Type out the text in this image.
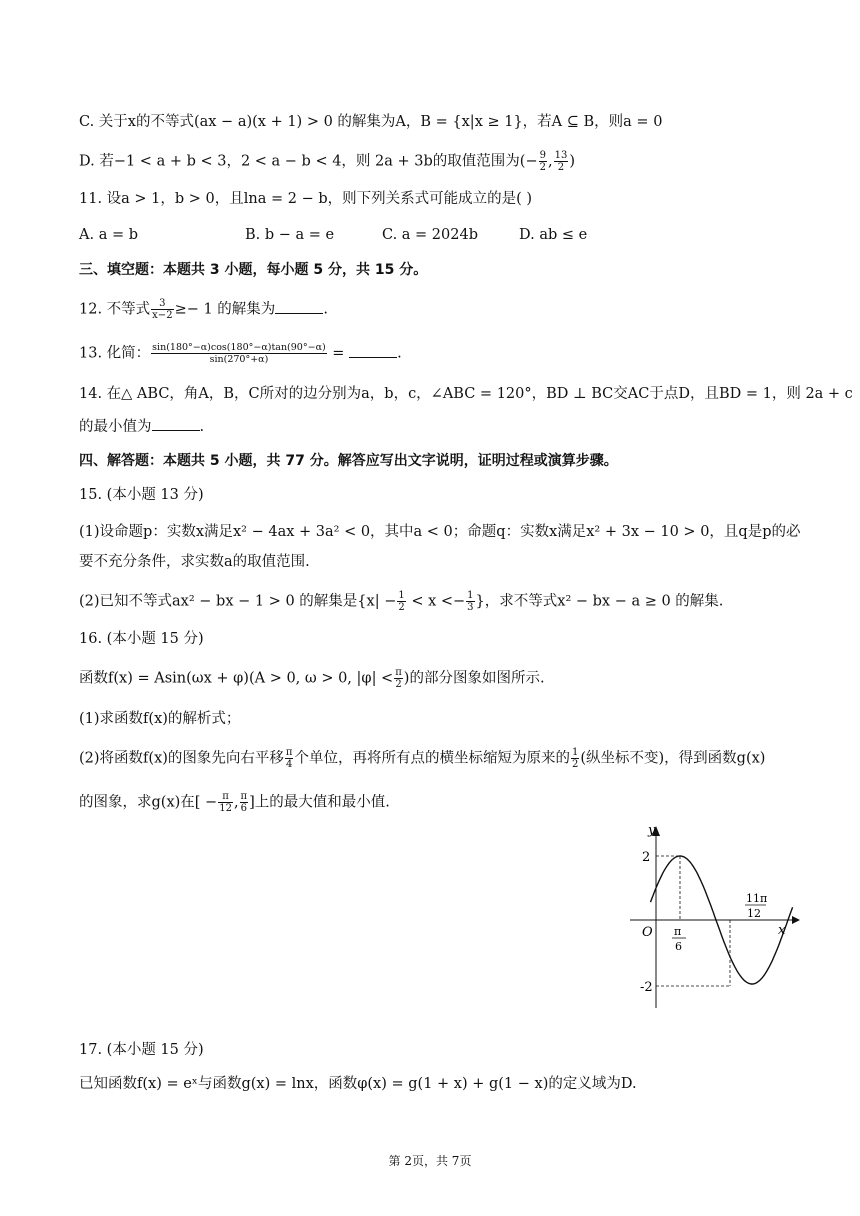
C. 关于x的不等式(ax − a)(x + 1) > 0 的解集为A，B = {x|x ≥ 1}，若A ⊆ B，则a = 0
D. 若−1 < a + b < 3，2 < a − b < 4，则 2a + 3b的取值范围为(− $\frac{9}{2}$ , $\frac{13}{2}$ )
11. 设a > 1，b > 0，且lna = 2 − b，则下列关系式可能成立的是( )
A. a = b	B. b − a = e	C. a = 2024b	D. ab ≤ e
三、填空题：本题共 3 小题，每小题 5 分，共 15 分。
12. 不等式 $\frac{3}{x-2} \ge- 1$ 的解集为	.
13. 化简： $\frac{\sin(180^\circ-\alpha)\cos(180^\circ-\alpha)\tan(90^\circ-\alpha)}{\sin(270^\circ+\alpha)}$ =	.
14. 在△ ABC，角A，B，C所对的边分别为a，b，c，∠ABC = 120°，BD ⊥ BC交AC于点D，且BD = 1，则 2a + c
的最小值为	.
四、解答题：本题共 5 小题，共 77 分。解答应写出文字说明，证明过程或演算步骤。
15. (本小题 13 分)
(1)设命题p：实数x满足x² − 4ax + 3a² < 0，其中a < 0；命题q：实数x满足x² + 3x − 10 > 0，且q是p的必
要不充分条件，求实数a的取值范围.
(2)已知不等式ax² − bx − 1 > 0 的解集是{$x| - \frac{1}{2} < x <- \frac{1}{3}$ }，求不等式x² − bx − a ≥ 0 的解集.
16. (本小题 15 分)
函数f(x) = Asin(ωx + φ)(A > 0, ω > 0, $|\varphi| < \frac{\pi}{2}$ )的部分图象如图所示.
(1)求函数f(x)的解析式；
(2)将函数f(x)的图象先向右平移 $\frac{\pi}{4}$ 个单位，再将所有点的横坐标缩短为原来的 $\frac{1}{2}$ (纵坐标不变)，得到函数g(x)
的图象，求g(x)在[ − $\frac{\pi}{12}$ , $\frac{\pi}{6}$ ]上的最大值和最小值.
y
x
O
2
-2
π
6
11π
12
17. (本小题 15 分)
已知函数f(x) = eˣ与函数g(x) = lnx，函数φ(x) = g(1 + x) + g(1 − x)的定义域为D.
第 2页，共 7页
